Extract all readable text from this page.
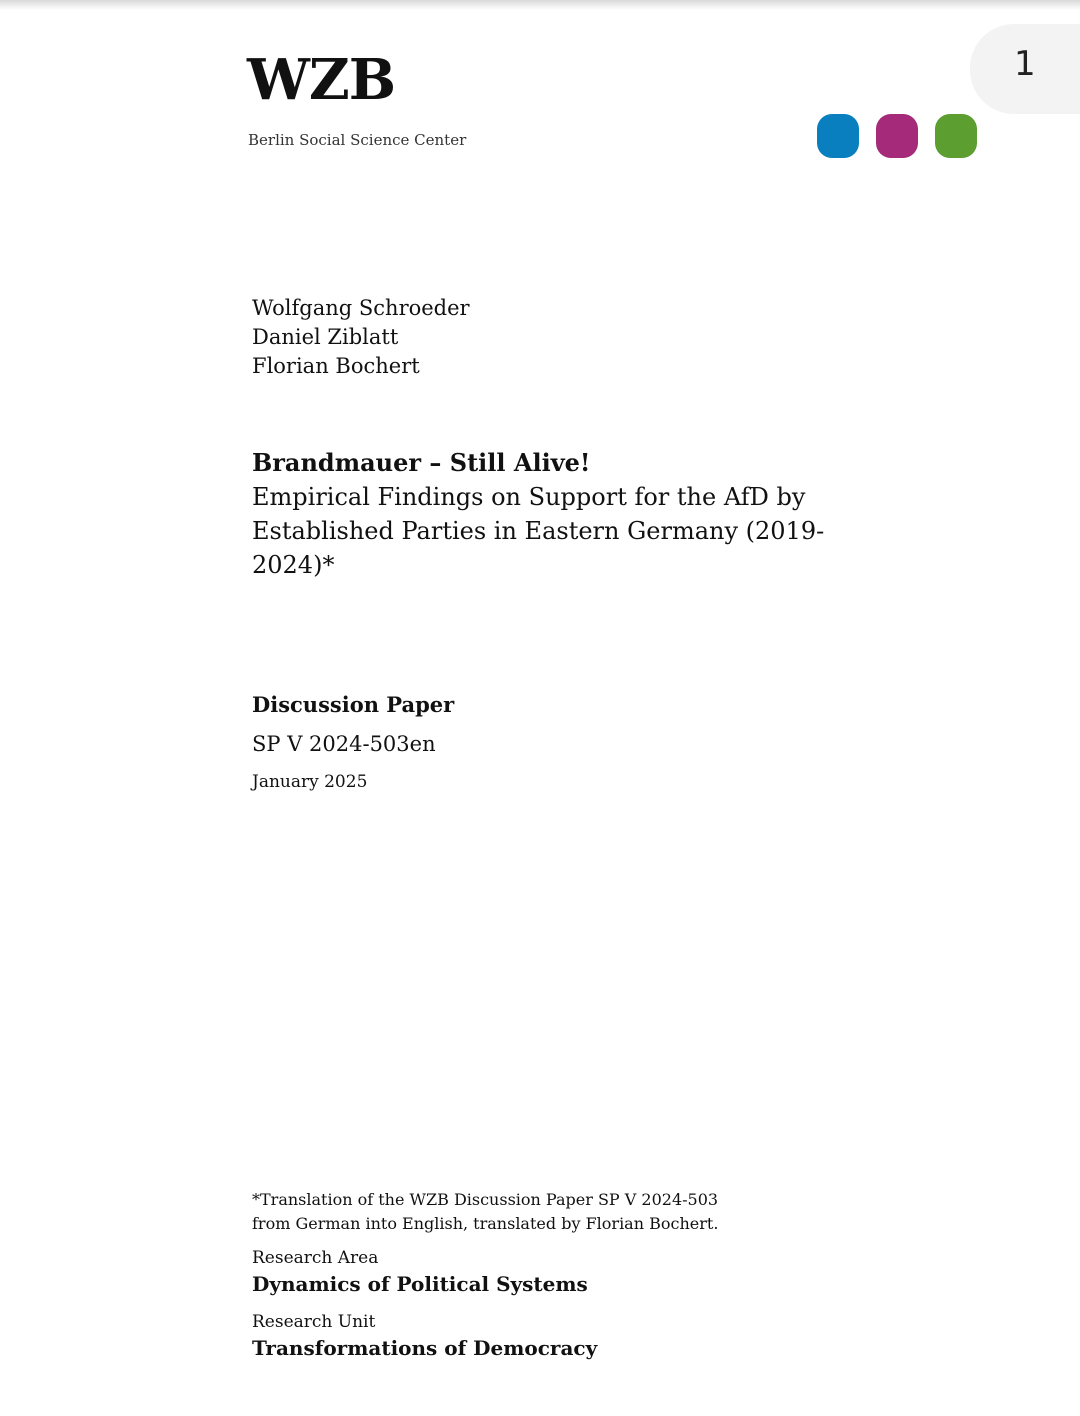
1
WZB
Berlin Social Science Center
Wolfgang Schroeder
Daniel Ziblatt
Florian Bochert
Brandmauer – Still Alive!
Empirical Findings on Support for the AfD by Established Parties in Eastern Germany (2019-2024)*
Discussion Paper
SP V 2024-503en
January 2025
*Translation of the WZB Discussion Paper SP V 2024-503
from German into English, translated by Florian Bochert.
Research Area
Dynamics of Political Systems
Research Unit
Transformations of Democracy
